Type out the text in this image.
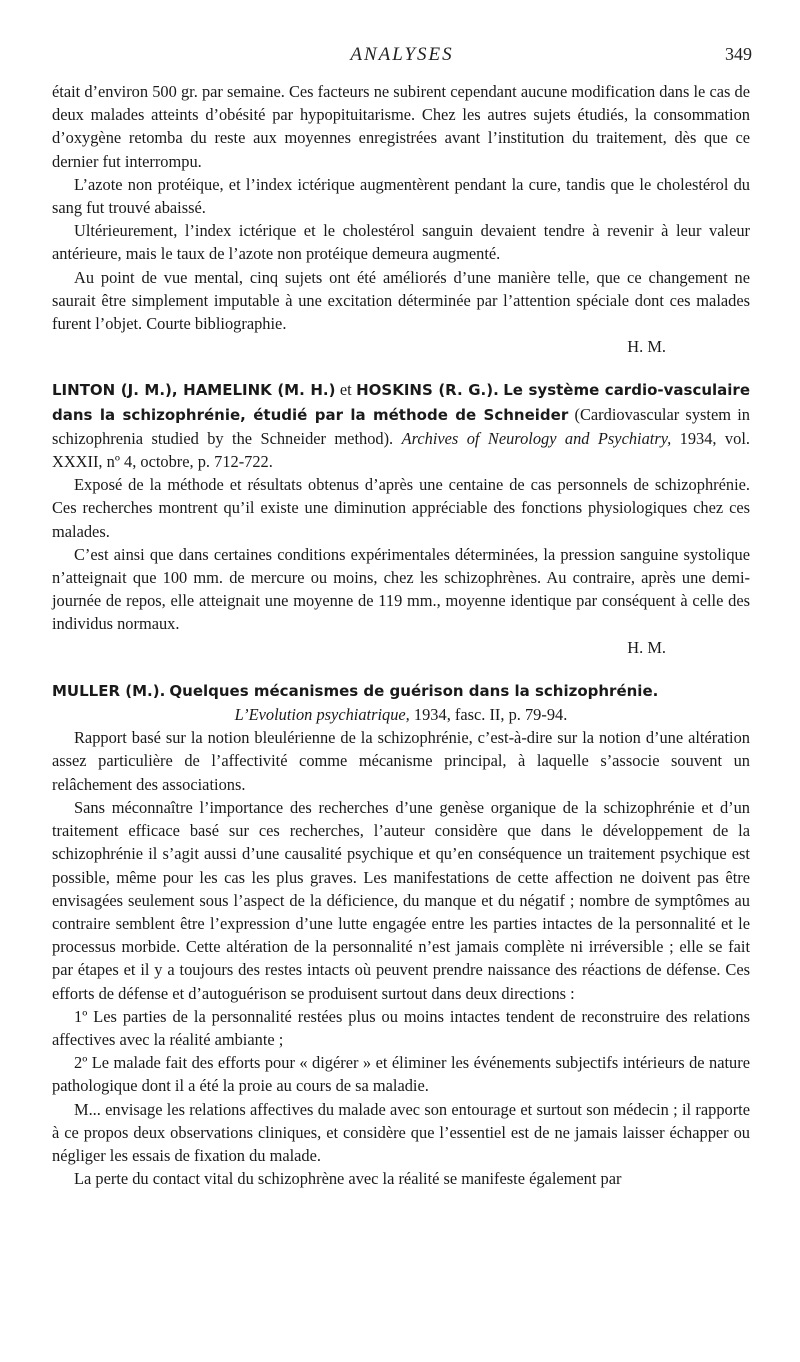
ANALYSES	349

était d’environ 500 gr. par semaine. Ces facteurs ne subirent cependant aucune modification dans le cas de deux malades atteints d’obésité par hypopituitarisme. Chez les autres sujets étudiés, la consommation d’oxygène retomba du reste aux moyennes enregistrées avant l’institution du traitement, dès que ce dernier fut interrompu.

L’azote non protéique, et l’index ictérique augmentèrent pendant la cure, tandis que le cholestérol du sang fut trouvé abaissé.

Ultérieurement, l’index ictérique et le cholestérol sanguin devaient tendre à revenir à leur valeur antérieure, mais le taux de l’azote non protéique demeura augmenté.

Au point de vue mental, cinq sujets ont été améliorés d’une manière telle, que ce changement ne saurait être simplement imputable à une excitation déterminée par l’attention spéciale dont ces malades furent l’objet. Courte bibliographie.

H. M.

LINTON (J. M.), HAMELINK (M. H.) et HOSKINS (R. G.). Le système cardio-vasculaire dans la schizophrénie, étudié par la méthode de Schneider (Cardiovascular system in schizophrenia studied by the Schneider method). Archives of Neurology and Psychiatry, 1934, vol. XXXII, nº 4, octobre, p. 712-722.

Exposé de la méthode et résultats obtenus d’après une centaine de cas personnels de schizophrénie. Ces recherches montrent qu’il existe une diminution appréciable des fonctions physiologiques chez ces malades.

C’est ainsi que dans certaines conditions expérimentales déterminées, la pression sanguine systolique n’atteignait que 100 mm. de mercure ou moins, chez les schizophrènes. Au contraire, après une demi-journée de repos, elle atteignait une moyenne de 119 mm., moyenne identique par conséquent à celle des individus normaux.

H. M.

MULLER (M.). Quelques mécanismes de guérison dans la schizophrénie.

L’Evolution psychiatrique, 1934, fasc. II, p. 79-94.

Rapport basé sur la notion bleulérienne de la schizophrénie, c’est-à-dire sur la notion d’une altération assez particulière de l’affectivité comme mécanisme principal, à laquelle s’associe souvent un relâchement des associations.

Sans méconnaître l’importance des recherches d’une genèse organique de la schizophrénie et d’un traitement efficace basé sur ces recherches, l’auteur considère que dans le développement de la schizophrénie il s’agit aussi d’une causalité psychique et qu’en conséquence un traitement psychique est possible, même pour les cas les plus graves. Les manifestations de cette affection ne doivent pas être envisagées seulement sous l’aspect de la déficience, du manque et du négatif ; nombre de symptômes au contraire semblent être l’expression d’une lutte engagée entre les parties intactes de la personnalité et le processus morbide. Cette altération de la personnalité n’est jamais complète ni irréversible ; elle se fait par étapes et il y a toujours des restes intacts où peuvent prendre naissance des réactions de défense. Ces efforts de défense et d’autoguérison se produisent surtout dans deux directions :

1º Les parties de la personnalité restées plus ou moins intactes tendent de reconstruire des relations affectives avec la réalité ambiante ;

2º Le malade fait des efforts pour « digérer » et éliminer les événements subjectifs intérieurs de nature pathologique dont il a été la proie au cours de sa maladie.

M... envisage les relations affectives du malade avec son entourage et surtout son médecin ; il rapporte à ce propos deux observations cliniques, et considère que l’essentiel est de ne jamais laisser échapper ou négliger les essais de fixation du malade.

La perte du contact vital du schizophrène avec la réalité se manifeste également par
